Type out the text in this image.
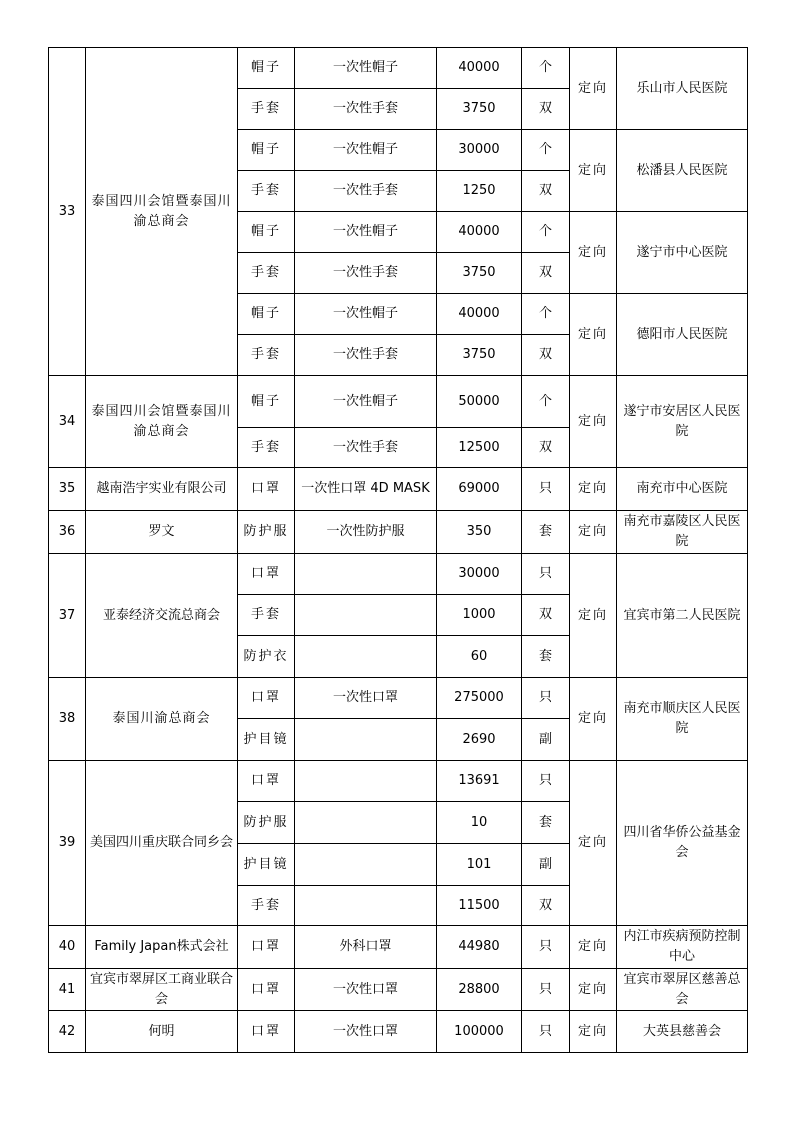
33	泰国四川会馆暨泰国川渝总商会	帽子	一次性帽子	40000	个	定向	乐山市人民医院
		手套	一次性手套	3750	双		
		帽子	一次性帽子	30000	个	定向	松潘县人民医院
		手套	一次性手套	1250	双		
		帽子	一次性帽子	40000	个	定向	遂宁市中心医院
		手套	一次性手套	3750	双		
		帽子	一次性帽子	40000	个	定向	德阳市人民医院
		手套	一次性手套	3750	双		
34	泰国四川会馆暨泰国川渝总商会	帽子	一次性帽子	50000	个	定向	遂宁市安居区人民医院
		手套	一次性手套	12500	双		
35	越南浩宇实业有限公司	口罩	一次性口罩 4D MASK	69000	只	定向	南充市中心医院
36	罗文	防护服	一次性防护服	350	套	定向	南充市嘉陵区人民医院
37	亚泰经济交流总商会	口罩		30000	只	定向	宜宾市第二人民医院
		手套		1000	双		
		防护衣		60	套		
38	泰国川渝总商会	口罩	一次性口罩	275000	只	定向	南充市顺庆区人民医院
		护目镜		2690	副		
39	美国四川重庆联合同乡会	口罩		13691	只	定向	四川省华侨公益基金会
		防护服		10	套		
		护目镜		101	副		
		手套		11500	双		
40	Family Japan株式会社	口罩	外科口罩	44980	只	定向	内江市疾病预防控制中心
41	宜宾市翠屏区工商业联合会	口罩	一次性口罩	28800	只	定向	宜宾市翠屏区慈善总会
42	何明	口罩	一次性口罩	100000	只	定向	大英县慈善会
